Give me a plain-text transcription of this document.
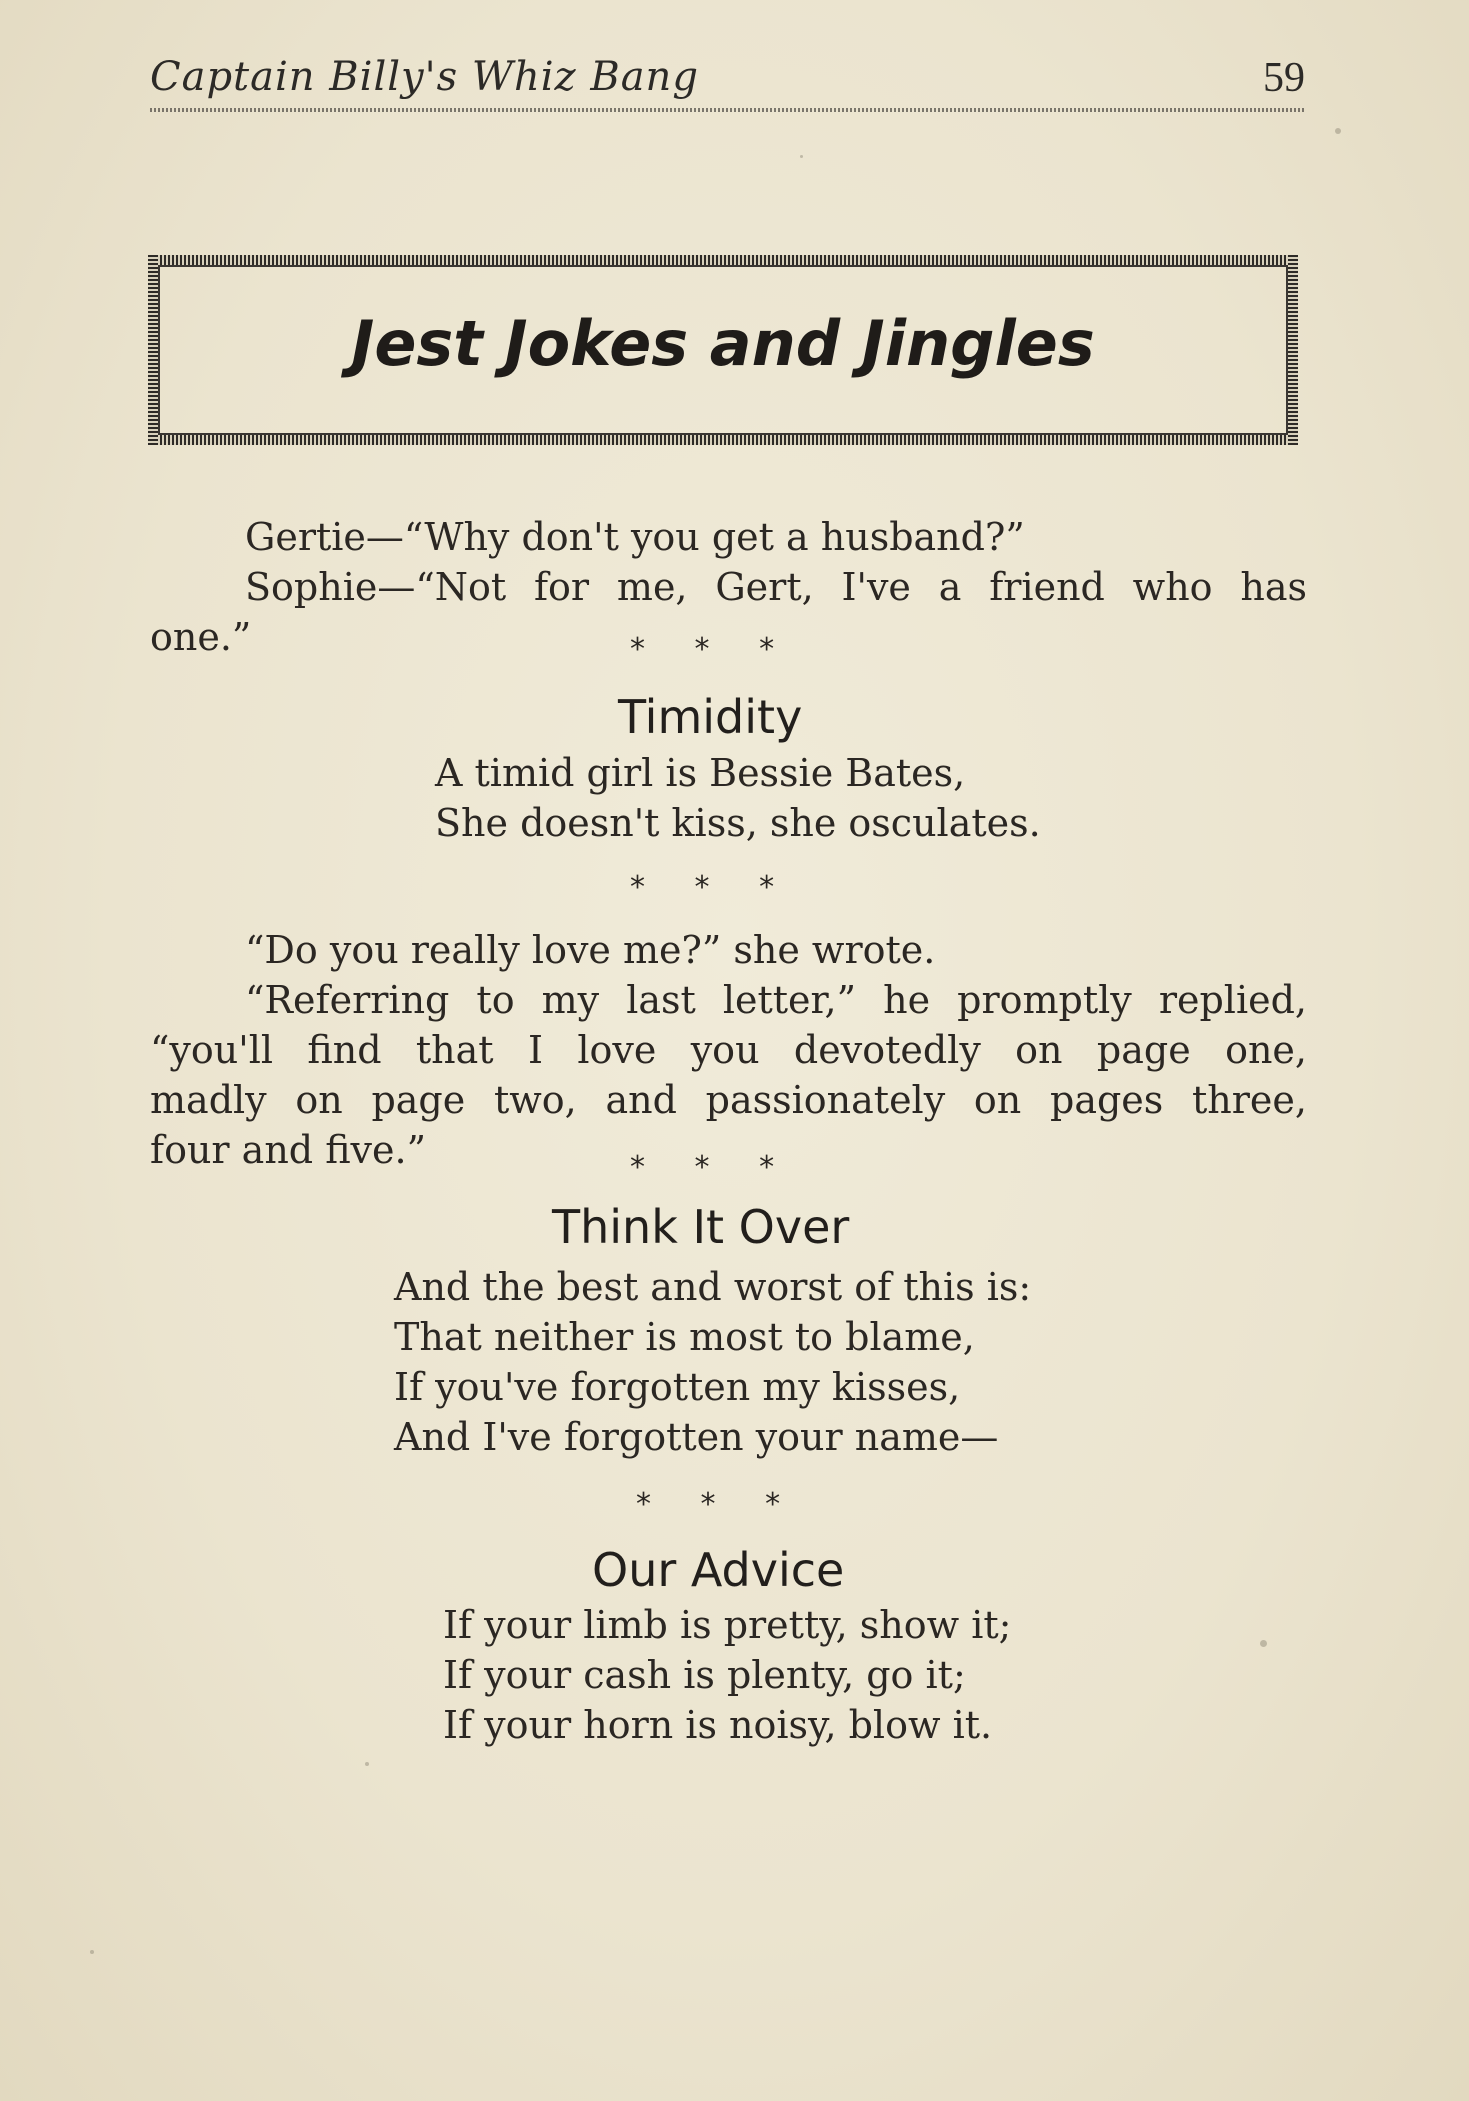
Captain Billy's Whiz Bang	59
Jest Jokes and Jingles
Gertie—“Why don't you get a husband?”
Sophie—“Not for me, Gert, I've a friend who has
one.”	* * *
Timidity
A timid girl is Bessie Bates,
She doesn't kiss, she osculates.
* * *
“Do you really love me?” she wrote.
“Referring to my last letter,” he promptly replied,
“you'll find that I love you devotedly on page one,
madly on page two, and passionately on pages three,
four and five.”	* * *
Think It Over
And the best and worst of this is:
That neither is most to blame,
If you've forgotten my kisses,
And I've forgotten your name—
* * *
Our Advice
If your limb is pretty, show it;
If your cash is plenty, go it;
If your horn is noisy, blow it.
